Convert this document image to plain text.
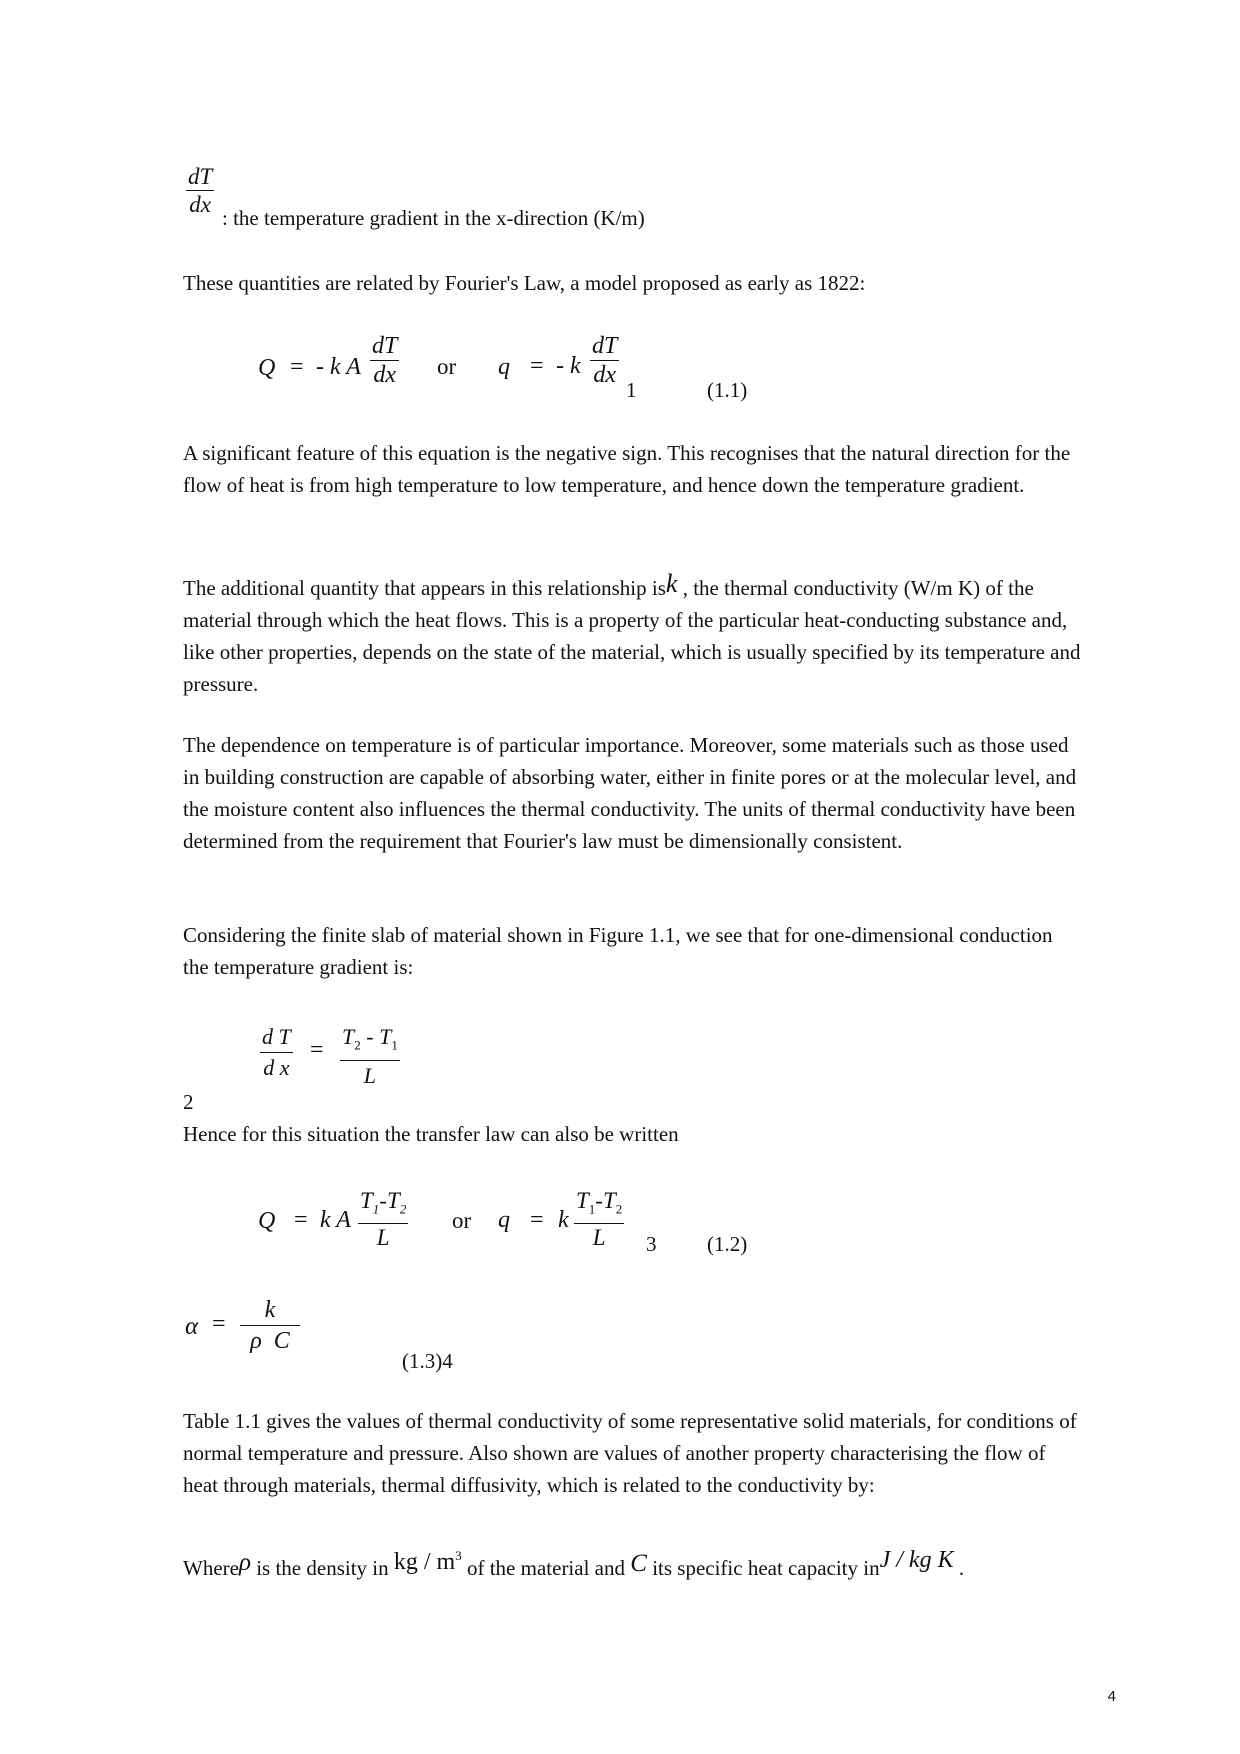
dT
dx
: the temperature gradient in the x-direction (K/m)
These quantities are related by Fourier's Law, a model proposed as early as 1822:
Q = - k A
dT
dx or q = - k
dT
dx
1	(1.1)
A significant feature of this equation is the negative sign. This recognises that the natural direction for the flow of heat is from high temperature to low temperature, and hence down the temperature gradient.
The additional quantity that appears in this relationship isk , the thermal conductivity (W/m K) of the material through which the heat flows. This is a property of the particular heat-conducting substance and, like other properties, depends on the state of the material, which is usually specified by its temperature and pressure.
The dependence on temperature is of particular importance. Moreover, some materials such as those used in building construction are capable of absorbing water, either in finite pores or at the molecular level, and the moisture content also influences the thermal conductivity. The units of thermal conductivity have been determined from the requirement that Fourier's law must be dimensionally consistent.
Considering the finite slab of material shown in Figure 1.1, we see that for one-dimensional conduction the temperature gradient is:
d T
d x
=
$T_2 - T_1$
L
2
Hence for this situation the transfer law can also be written
Q = k A
$T_1-T_2$
L
or q = k
$T_1-T_2$
L	3 (1.2)
α =
k
ρ C
(1.3)4
Table 1.1 gives the values of thermal conductivity of some representative solid materials, for conditions of normal temperature and pressure. Also shown are values of another property characterising the flow of heat through materials, thermal diffusivity, which is related to the conductivity by:
Whereρ is the density in kg / $m^3$ of the material and C its specific heat capacity inJ / kg K .
4
